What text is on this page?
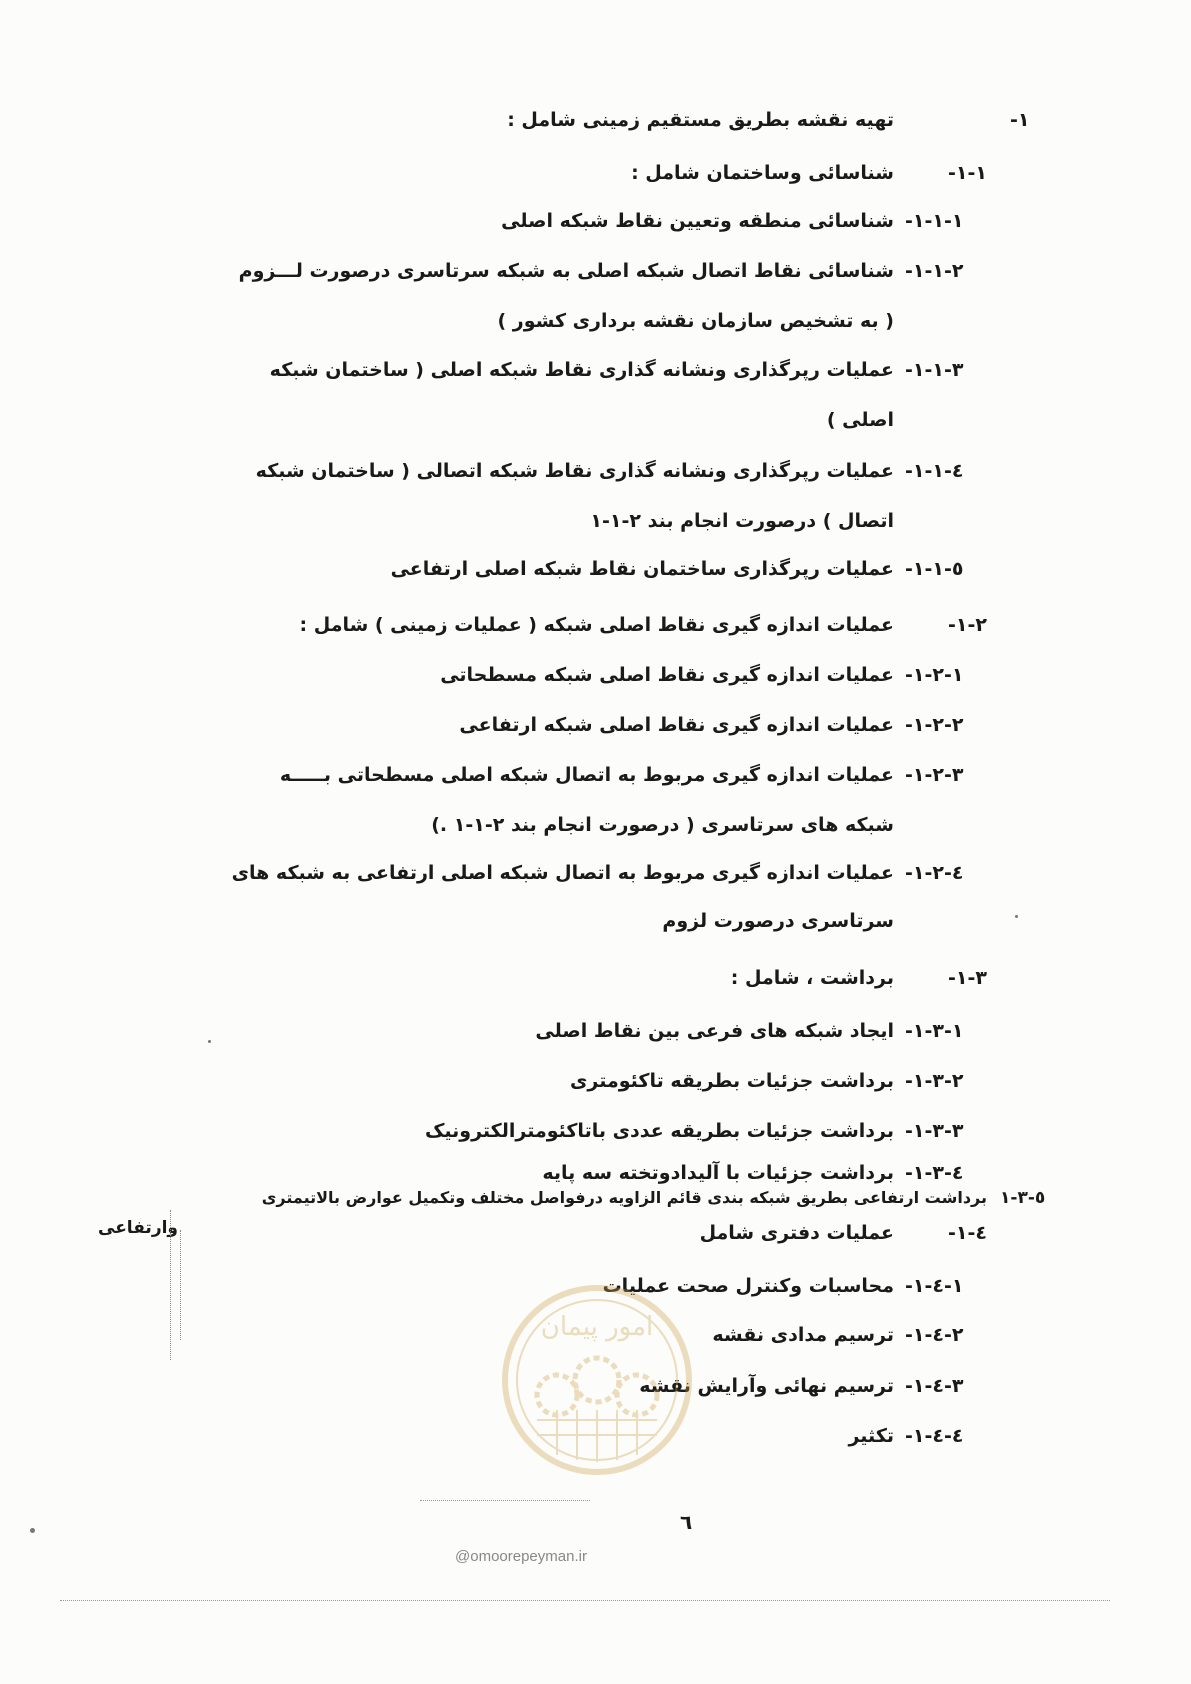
-١
تهیه نقشه بطریق مستقیم زمینی شامل :
-١-١
شناسائی وساختمان شامل :
-١-١-١
شناسائی منطقه وتعیین نقاط شبکه اصلی
-٢-١-١
شناسائی نقاط اتصال شبکه اصلی به شبکه سرتاسری درصورت لـــزوم
( به تشخیص سازمان نقشه برداری کشور )
-٣-١-١
عملیات رپرگذاری ونشانه گذاری نقاط شبکه اصلی ( ساختمان شبکه
اصلی )
-٤-١-١
عملیات رپرگذاری ونشانه گذاری نقاط شبکه اتصالی ( ساختمان شبکه
اتصال ) درصورت انجام بند ٢-١-١
-٥-١-١
عملیات رپرگذاری ساختمان نقاط شبکه اصلی ارتفاعی
-٢-١
عملیات اندازه گیری نقاط اصلی شبکه ( عملیات زمینی ) شامل :
-١-٢-١
عملیات اندازه گیری نقاط اصلی شبکه مسطحاتی
-٢-٢-١
عملیات اندازه گیری نقاط اصلی شبکه ارتفاعی
-٣-٢-١
عملیات اندازه گیری مربوط به اتصال شبکه اصلی مسطحاتی بـــــه
شبکه های سرتاسری ( درصورت انجام بند ٢-١-١ .)
-٤-٢-١
عملیات اندازه گیری مربوط به اتصال شبکه اصلی ارتفاعی به شبکه های
سرتاسری درصورت لزوم
-٣-١
برداشت ، شامل :
-١-٣-١
ایجاد شبکه های فرعی بین نقاط اصلی
-٢-٣-١
برداشت جزئیات بطریقه تاکئومتری
-٣-٣-١
برداشت جزئیات بطریقه عددی باتاکئومترالکترونیک
-٤-٣-١
برداشت جزئیات با آلیدادوتخته سه پایه
٥-٣-١
برداشت ارتفاعی بطریق شبکه بندی قائم الزاویه درفواصل مختلف وتکمیل عوارض بالاتیمتری
وارتفاعی	-٤-١
عملیات دفتری شامل
-١-٤-١
محاسبات وکنترل صحت عملیات
-٢-٤-١
ترسیم مدادی نقشه
-٣-٤-١
ترسیم نهائی وآرایش نقشه
-٤-٤-١
تکثیر
امور پیمان
@omoorepeyman.ir
٦
